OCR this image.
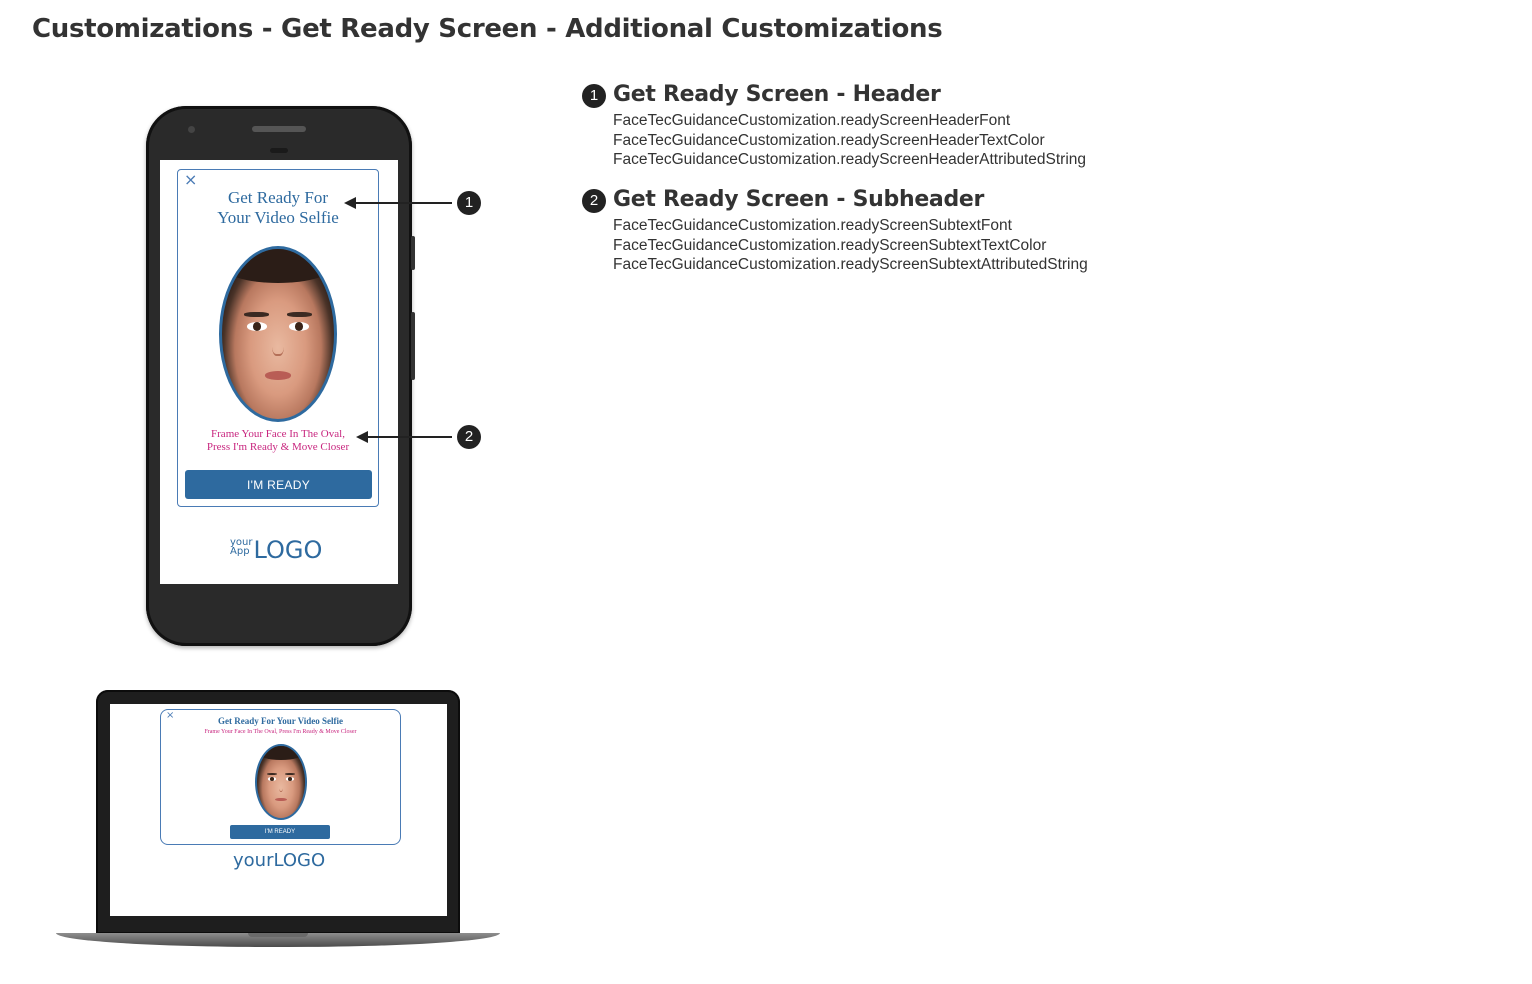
Customizations - Get Ready Screen - Additional Customizations
×
Get Ready For
Your Video Selfie
Frame Your Face In The Oval,
Press I'm Ready & Move Closer
I'M READY
your
App LOGO
1
2
×	Get Ready For Your Video Selfie
Frame Your Face In The Oval, Press I'm Ready & Move Closer
I'M READY
yourLOGO
1 Get Ready Screen - Header
FaceTecGuidanceCustomization.readyScreenHeaderFont
FaceTecGuidanceCustomization.readyScreenHeaderTextColor
FaceTecGuidanceCustomization.readyScreenHeaderAttributedString
2 Get Ready Screen - Subheader
FaceTecGuidanceCustomization.readyScreenSubtextFont
FaceTecGuidanceCustomization.readyScreenSubtextTextColor
FaceTecGuidanceCustomization.readyScreenSubtextAttributedString
